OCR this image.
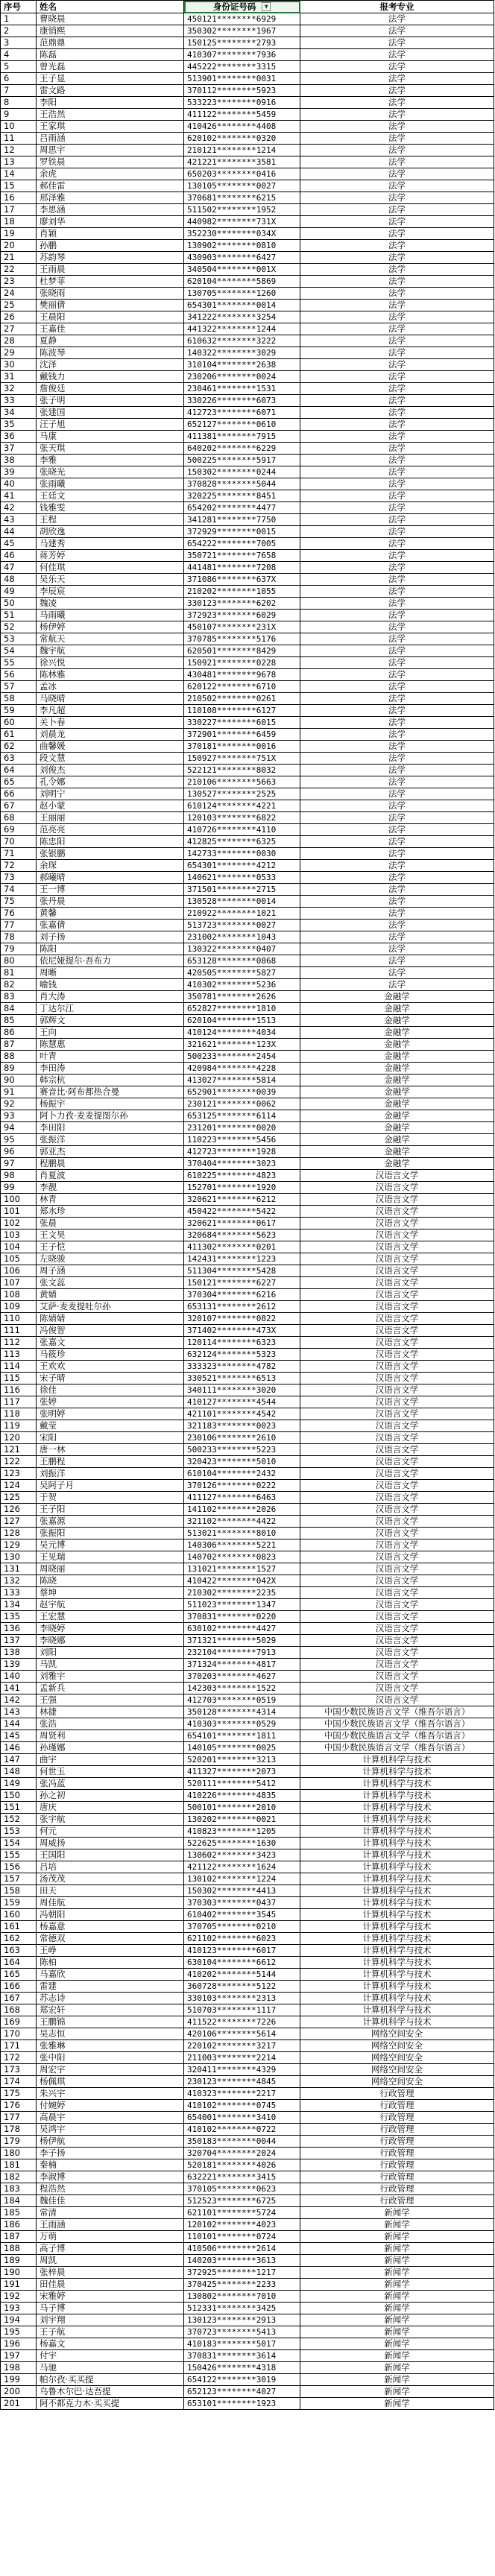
序号	姓名	身份证号码 ▼	报考专业
1	曹晓晨	450121********6929	法学
2	康悄熙	350302********1967	法学
3	范鼎鼎	150125********2793	法学
4	陈磊	410307********7936	法学
5	曾光磊	445222********3315	法学
6	王子显	513901********0031	法学
7	雷文路	370112********5923	法学
8	李阳	533223********0916	法学
9	王浩然	411122********5459	法学
10	王家琪	410426********4408	法学
11	吕雨涵	620102********0320	法学
12	周思宇	210121********1214	法学
13	罗铁晨	421221********3581	法学
14	余虎	650203********0416	法学
15	郝佳雷	130105********0027	法学
16	邢泽雅	370681********6215	法学
17	李思涵	511502********1952	法学
18	廖刘华	440982********731X	法学
19	肖颖	352230********034X	法学
20	孙鹏	130902********0810	法学
21	苏韵琴	430903********6427	法学
22	王雨晨	340504********001X	法学
23	杜梦菲	620104********5869	法学
24	张晓雨	130705********1260	法学
25	樊丽倩	654301********0014	法学
26	王晨阳	341222********3254	法学
27	王嘉佳	441322********1244	法学
28	夏静	610632********3222	法学
29	陈波琴	140322********3029	法学
30	沈泽	310104********2638	法学
31	戴钱力	230206********0024	法学
32	詹俊廷	230461********1531	法学
33	张子明	330226********6073	法学
34	张建国	412723********6071	法学
35	汪子旭	652127********0610	法学
36	马康	411381********7915	法学
37	张天琪	640202********6229	法学
38	李雅	500225********5917	法学
39	张晓光	150302********0244	法学
40	张雨曦	370828********5044	法学
41	王廷文	320225********8451	法学
42	钱雅雯	654202********4477	法学
43	王程	341281********7750	法学
44	胡欣逸	372929********0015	法学
45	马建秀	654222********7005	法学
46	蒋芳婷	350721********7658	法学
47	何佳琪	441481********7208	法学
48	吴乐天	371086********637X	法学
49	李辰宸	210202********1055	法学
50	魏凌	330123********6202	法学
51	马雨曦	372923********6029	法学
52	杨伊婷	450107********231X	法学
53	常航天	370785********5176	法学
54	魏宇航	620501********8429	法学
55	徐兴悦	150921********0228	法学
56	陈林雅	430481********9678	法学
57	孟冰	620122********6710	法学
58	马晓晴	210502********0261	法学
59	李凡超	110108********6127	法学
60	关卜春	330227********6015	法学
61	刘晨龙	372901********6459	法学
62	曲馨媛	370181********0016	法学
63	段文慧	150927********751X	法学
64	刘俊杰	522121********8032	法学
65	孔令娜	210106********5663	法学
66	刘明宁	130527********2525	法学
67	赵小蒙	610124********4221	法学
68	王丽丽	120103********6822	法学
69	范亮亮	410726********4110	法学
70	陈忠阳	412825********6325	法学
71	张银鹏	142733********0030	法学
72	余琛	654301********4212	法学
73	郝曦晴	140621********0533	法学
74	王一博	371501********2715	法学
75	张丹晨	130528********0014	法学
76	黄馨	210922********1021	法学
77	张嘉倩	513723********0027	法学
78	刘子扬	231002********1043	法学
79	陈阳	130322********0407	法学
80	依尼娅提尔·吾布力	653128********0868	法学
81	周晰	420505********5827	法学
82	喻钱	410302********5236	法学
83	肖大涛	350781********2626	金融学
84	丁达尔江	652827********1810	金融学
85	郭辉文	620104********1513	金融学
86	王向	410124********4034	金融学
87	陈慧惠	321621********123X	金融学
88	叶青	500233********2454	金融学
89	李田涛	420984********4228	金融学
90	韩宗杭	413027********5814	金融学
91	赛音比·阿布都热合曼	652901********0039	金融学
92	杨振宇	230121********0062	金融学
93	阿卜力孜·麦麦提图尔孙	653125********6114	金融学
94	李田阳	231201********0020	金融学
95	张振洋	110223********5456	金融学
96	郭亚杰	412723********1928	金融学
97	程鹏晨	370404********3023	金融学
98	肖夏波	610225********4823	汉语言文学
99	李靓	152701********1920	汉语言文学
100	林青	320621********6212	汉语言文学
101	郑水珍	450422********5422	汉语言文学
102	张晨	320621********0617	汉语言文学
103	王文昊	320684********5623	汉语言文学
104	王子恺	411302********0201	汉语言文学
105	左晓骏	142431********1223	汉语言文学
106	周子涵	511304********5428	汉语言文学
107	张文蕊	150121********6227	汉语言文学
108	黄婧	370304********6216	汉语言文学
109	艾萨·麦麦提吐尔孙	653131********2612	汉语言文学
110	陈婧婧	320107********0822	汉语言文学
111	冯俊智	371402********473X	汉语言文学
112	张嘉文	120114********6323	汉语言文学
113	马筱珍	632124********5323	汉语言文学
114	王欢欢	333323********4782	汉语言文学
115	宋子晴	330521********6513	汉语言文学
116	徐佳	340111********3020	汉语言文学
117	张婷	410127********4544	汉语言文学
118	张明婷	421101********4542	汉语言文学
119	戴莹	321183********0023	汉语言文学
120	宋阳	230106********2610	汉语言文学
121	唐一林	500233********5223	汉语言文学
122	王鹏程	320423********5010	汉语言文学
123	刘振洋	610104********2432	汉语言文学
124	吴阿子月	370126********0222	汉语言文学
125	于贺	411127********6463	汉语言文学
126	王子阳	141102********2026	汉语言文学
127	张嘉源	321102********4422	汉语言文学
128	张振阳	513021********8010	汉语言文学
129	吴元博	140306********5221	汉语言文学
130	王见瑞	140702********0823	汉语言文学
131	周晓丽	131021********1527	汉语言文学
132	陈晓	410422********042X	汉语言文学
133	蔡坤	210302********2235	汉语言文学
134	赵宇航	511023********1347	汉语言文学
135	王宏慧	370831********0220	汉语言文学
136	李晓婷	630102********4427	汉语言文学
137	李晓娜	371321********5029	汉语言文学
138	刘阳	232104********7913	汉语言文学
139	马凯	371324********4817	汉语言文学
140	刘雅宇	370203********4627	汉语言文学
141	孟新兵	142303********1522	汉语言文学
142	王强	412703********0519	汉语言文学
143	林捷	350128********4314	中国少数民族语言文学（维吾尔语言）
144	张浩	410303********0529	中国少数民族语言文学（维吾尔语言）
145	周贤利	654101********1811	中国少数民族语言文学（维吾尔语言）
146	孙瑾娜	140105********0025	中国少数民族语言文学（维吾尔语言）
147	曲宇	520201********3213	计算机科学与技术
148	何世玉	411327********2073	计算机科学与技术
149	张冯蓝	520111********5412	计算机科学与技术
150	孙之初	410226********4835	计算机科学与技术
151	唐庆	500101********2010	计算机科学与技术
152	张宇航	130202********0021	计算机科学与技术
153	何元	410823********1205	计算机科学与技术
154	周威扬	522625********1630	计算机科学与技术
155	王国阳	130602********3423	计算机科学与技术
156	吕培	421122********1624	计算机科学与技术
157	汤茂茂	130102********1224	计算机科学与技术
158	田天	150302********4413	计算机科学与技术
159	周佳航	370303********0437	计算机科学与技术
160	冯朝阳	610402********3545	计算机科学与技术
161	杨嘉意	370705********0210	计算机科学与技术
162	常德双	621102********6023	计算机科学与技术
163	王峥	410123********6017	计算机科学与技术
164	陈柏	630104********6612	计算机科学与技术
165	马嘉欣	410202********5144	计算机科学与技术
166	雷建	360728********5122	计算机科学与技术
167	苏志诗	330103********2313	计算机科学与技术
168	郑宏轩	510703********1117	计算机科学与技术
169	王鹏锦	411522********7226	计算机科学与技术
170	吴志恒	420106********5614	网络空间安全
171	张雅琳	220102********3217	网络空间安全
172	张中阳	211003********2214	网络空间安全
173	周宏宇	320411********4329	网络空间安全
174	杨佩琪	230123********4845	网络空间安全
175	朱兴宇	410323********2217	行政管理
176	付婉婷	410102********0745	行政管理
177	高晨宇	654001********3410	行政管理
178	吴鸿宇	410102********0722	行政管理
179	杨伊航	350183********0044	行政管理
180	李子扬	320704********2024	行政管理
181	秦楠	520181********4026	行政管理
182	李淑博	632221********3415	行政管理
183	程浩然	370105********0623	行政管理
184	魏佳佳	512523********6725	行政管理
185	常清	621101********5724	新闻学
186	王雨涵	120102********4023	新闻学
187	万萌	110101********0724	新闻学
188	高子博	410506********2614	新闻学
189	周凯	140203********3613	新闻学
190	张梓晨	372925********1217	新闻学
191	田佳晨	370425********2233	新闻学
192	宋雅婷	130802********7010	新闻学
193	马子博	512331********3425	新闻学
194	刘宇翔	130123********2913	新闻学
195	王子航	370723********5413	新闻学
196	杨嘉文	410183********5017	新闻学
197	付宇	370831********3614	新闻学
198	马驰	150426********4318	新闻学
199	帕尔孜·买买提	654122********3019	新闻学
200	乌鲁木尔巴·达吾提	652123********4027	新闻学
201	阿不都克力木·买买提	653101********1923	新闻学
